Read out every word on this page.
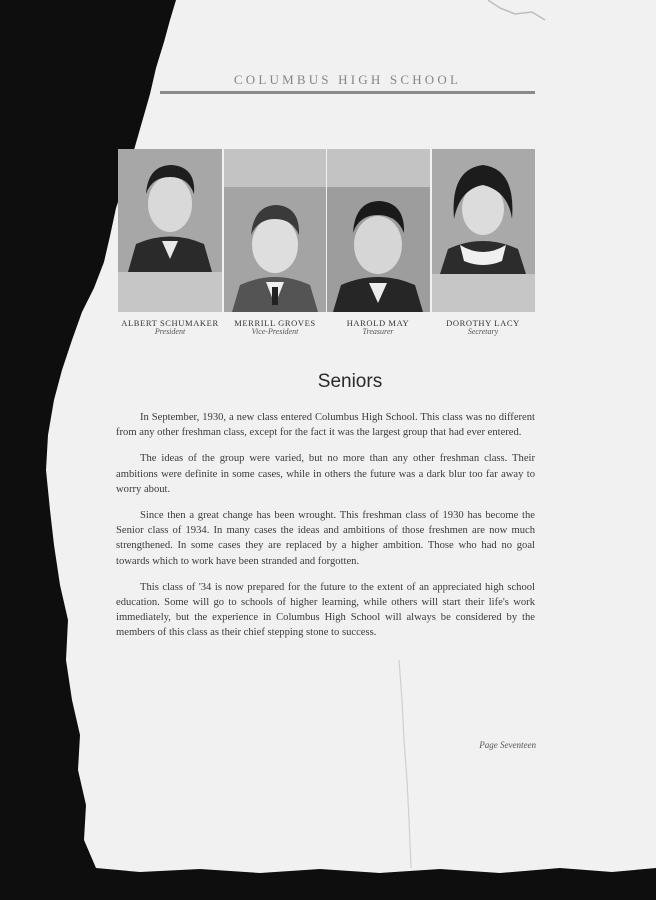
COLUMBUS HIGH SCHOOL
ALBERT SCHUMAKER
President
MERRILL GROVES
Vice-President
HAROLD MAY
Treasurer
DOROTHY LACY
Secretary
Seniors

In September, 1930, a new class entered Columbus High School. This class was no different from any other freshman class, except for the fact it was the largest group that had ever entered.

The ideas of the group were varied, but no more than any other freshman class. Their ambitions were definite in some cases, while in others the future was a dark blur too far away to worry about.

Since then a great change has been wrought. This freshman class of 1930 has become the Senior class of 1934. In many cases the ideas and ambitions of those freshmen are now much strengthened. In some cases they are replaced by a higher ambition. Those who had no goal towards which to work have been stranded and forgotten.

This class of '34 is now prepared for the future to the extent of an appreciated high school education. Some will go to schools of higher learning, while others will start their life's work immediately, but the experience in Columbus High School will always be considered by the members of this class as their chief stepping stone to success.

Page Seventeen
